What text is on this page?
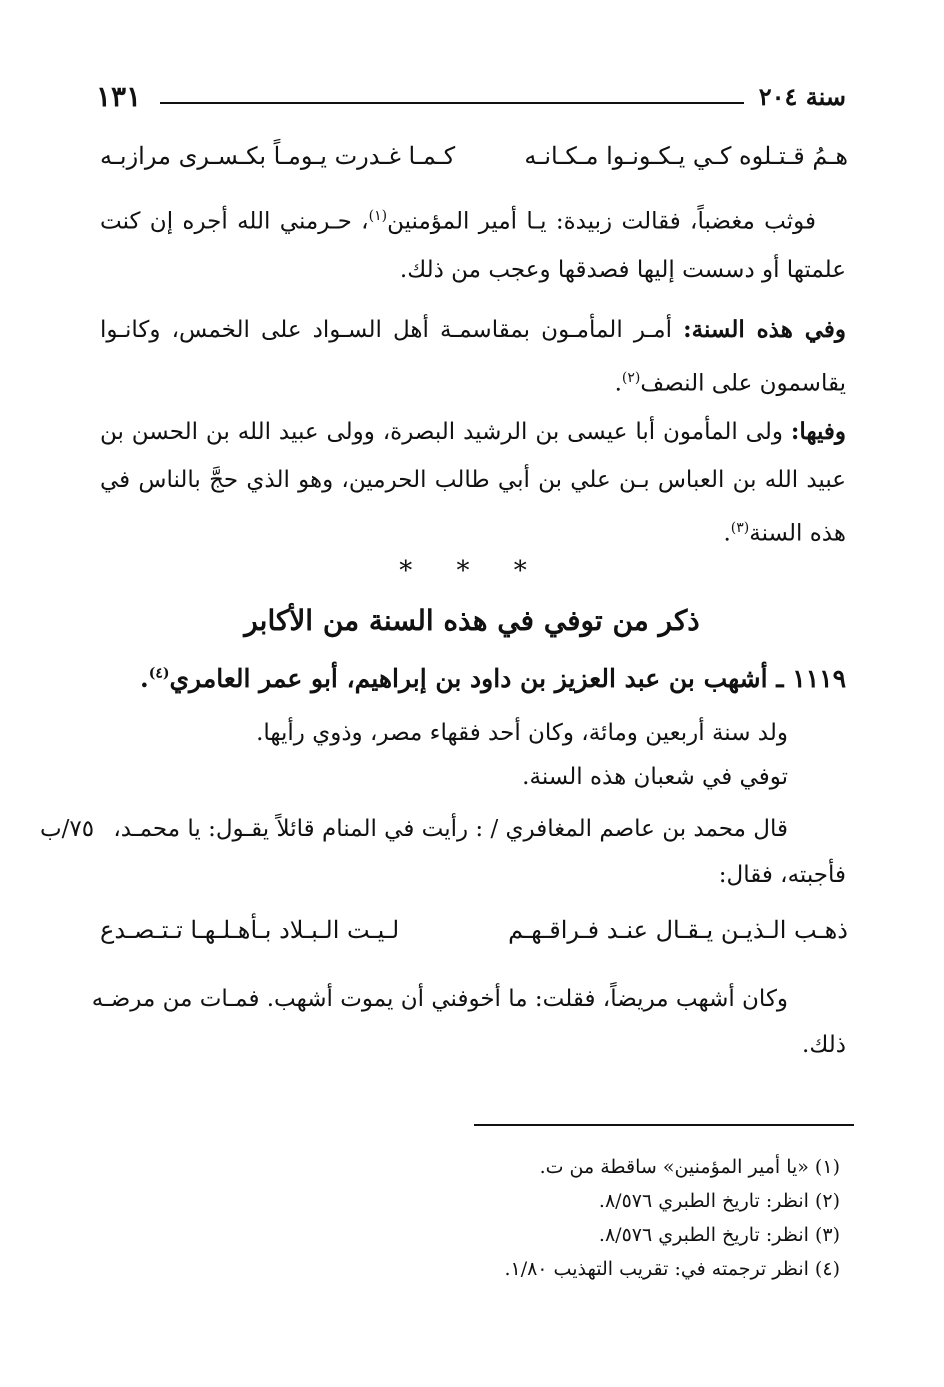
سنة ٢٠٤
١٣١
هـمُ قـتـلوه كـي يـكـونـوا مـكـانـه
كـمـا غـدرت يـومـاً بكـسـرى مرازبـه
فوثب مغضباً، فقالت زبيدة: يـا أمير المؤمنين$^{(١)}$، حـرمني الله أجره إن كنت علمتها أو دسست إليها فصدقها وعجب من ذلك.
وفي هذه السنة: أمـر المأمـون بمقاسمـة أهل السـواد على الخمس، وكانـوا يقاسمون على النصف$^{(٢)}$.
وفيها: ولى المأمون أبا عيسى بن الرشيد البصرة، وولى عبيد الله بن الحسن بن عبيد الله بن العباس بـن علي بن أبي طالب الحرمين، وهو الذي حجَّ بالناس في هذه السنة$^{(٣)}$.
* * *
ذكر من توفي في هذه السنة من الأكابر
١١١٩ ـ أشهب بن عبد العزيز بن داود بن إبراهيم، أبو عمر العامري$^{(٤)}$.
ولد سنة أربعين ومائة، وكان أحد فقهاء مصر، وذوي رأيها.
توفي في شعبان هذه السنة.
قال محمد بن عاصم المغافري / : رأيت في المنام قائلاً يقـول: يا محمـد،
٧٥/ب
فأجبته، فقال:
ذهـب الـذيـن يـقـال عنـد فـراقـهـم
لـيـت الـبـلاد بـأهـلـهـا تـتـصـدع
وكان أشهب مريضاً، فقلت: ما أخوفني أن يموت أشهب. فمـات من مرضـه
ذلك.
(١) «يا أمير المؤمنين» ساقطة من ت.
(٢) انظر: تاريخ الطبري ٨/٥٧٦.
(٣) انظر: تاريخ الطبري ٨/٥٧٦.
(٤) انظر ترجمته في: تقريب التهذيب ١/٨٠.
